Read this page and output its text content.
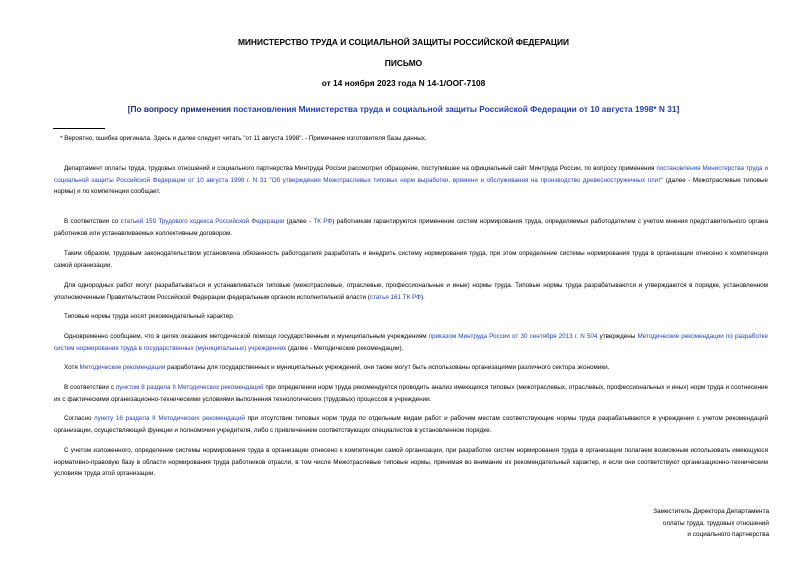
МИНИСТЕРСТВО ТРУДА И СОЦИАЛЬНОЙ ЗАЩИТЫ РОССИЙСКОЙ ФЕДЕРАЦИИ
ПИСЬМО
от 14 ноября 2023 года N 14-1/ООГ-7108
[По вопросу применения постановления Министерства труда и социальной защиты Российской Федерации от 10 августа 1998* N 31]
* Вероятно, ошибка оригинала. Здесь и далее следует читать "от 11 августа 1998". - Примечание изготовителя базы данных.
Департамент оплаты труда, трудовых отношений и социального партнерства Минтруда России рассмотрел обращение, поступившее на официальный сайт Минтруда России, по вопросу применения постановления Министерства труда и социальной защиты Российской Федерации от 10 августа 1998 г. N 31 "Об утверждении Межотраслевых типовых норм выработки, времени и обслуживания на производство древесностружечных плит" (далее - Межотраслевые типовые нормы) и по компетенции сообщает.
В соответствии со статьей 159 Трудового кодекса Российской Федерации (далее - ТК РФ) работникам гарантируются применение систем нормирования труда, определяемых работодателем с учетом мнения представительного органа работников или устанавливаемых коллективным договором.
Таким образом, трудовым законодательством установлена обязанность работодателя разработать и внедрить систему нормирования труда, при этом определение системы нормирования труда в организации отнесено к компетенции самой организации.
Для однородных работ могут разрабатываться и устанавливаться типовые (межотраслевые, отраслевые, профессиональные и иные) нормы труда. Типовые нормы труда разрабатываются и утверждаются в порядке, установленном уполномоченным Правительством Российской Федерации федеральным органом исполнительной власти (статья 161 ТК РФ).
Типовые нормы труда носят рекомендательный характер.
Одновременно сообщаем, что в целях оказания методической помощи государственным и муниципальным учреждениям приказом Минтруда России от 30 сентября 2013 г. N 504 утверждены Методические рекомендации по разработке систем нормирования труда в государственных (муниципальных) учреждениях (далее - Методические рекомендации).
Хотя Методические рекомендации разработаны для государственных и муниципальных учреждений, они также могут быть использованы организациями различного сектора экономики.
В соответствии с пунктом 8 раздела II Методических рекомендаций при определении норм труда рекомендуется проводить анализ имеющихся типовых (межотраслевых, отраслевых, профессиональных и иных) норм труда и соотнесение их с фактическими организационно-техническими условиями выполнения технологических (трудовых) процессов в учреждении.
Согласно пункту 16 раздела II Методических рекомендаций при отсутствии типовых норм труда по отдельным видам работ и рабочим местам соответствующие нормы труда разрабатываются в учреждении с учетом рекомендаций организации, осуществляющей функции и полномочия учредителя, либо с привлечением соответствующих специалистов в установленном порядке.
С учетом изложенного, определение системы нормирования труда в организации отнесено к компетенции самой организации, при разработке систем нормирования труда в организации полагаем возможным использовать имеющуюся нормативно-правовую базу в области нормирования труда работников отрасли, в том числе Межотраслевые типовые нормы, принимая во внимание их рекомендательный характер, и если они соответствуют организационно-техническим условиям труда этой организации.
Заместитель Директора Департамента
оплаты труда, трудовых отношений
и социального партнерства
